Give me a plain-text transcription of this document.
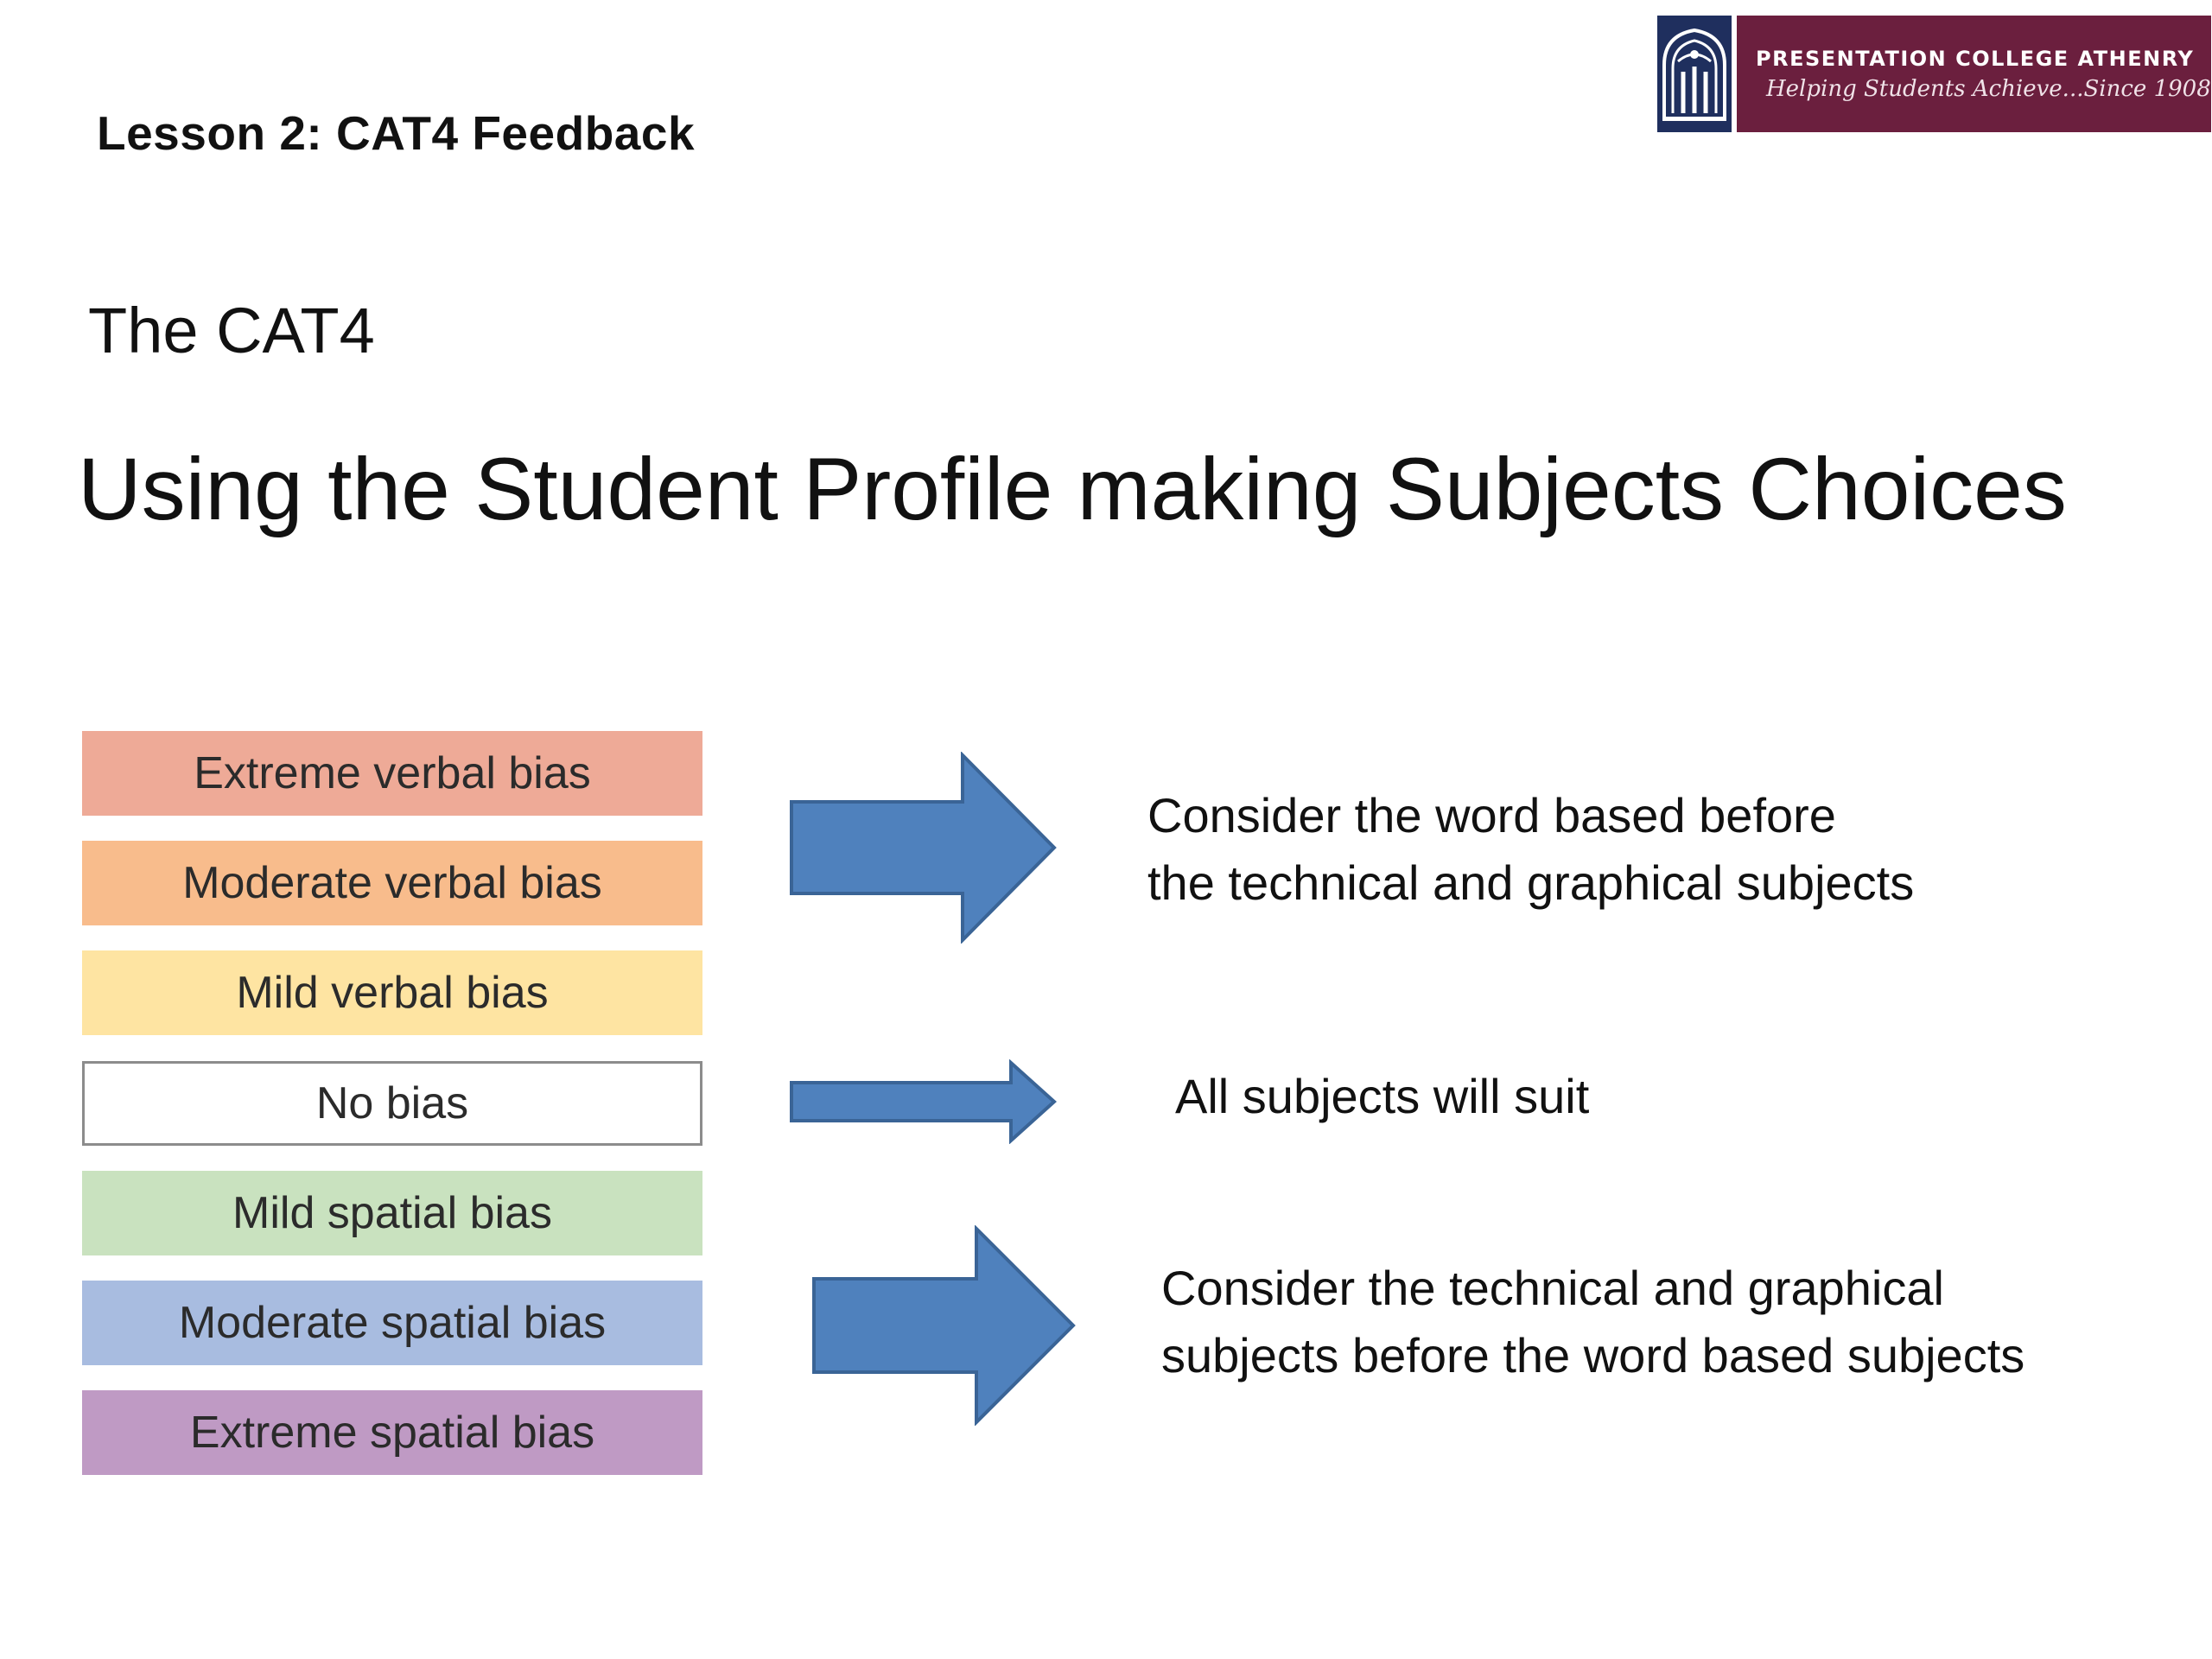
Lesson 2: CAT4 Feedback
PRESENTATION COLLEGE ATHENRY
Helping Students Achieve...Since 1908
The CAT4
Using the Student Profile making Subjects Choices
Extreme verbal bias
Moderate verbal bias
Mild verbal bias
No bias
Mild spatial bias
Moderate spatial bias
Extreme spatial bias
Consider the word based before
the technical and graphical subjects
All subjects will suit
Consider the technical and graphical
subjects before the word based subjects
